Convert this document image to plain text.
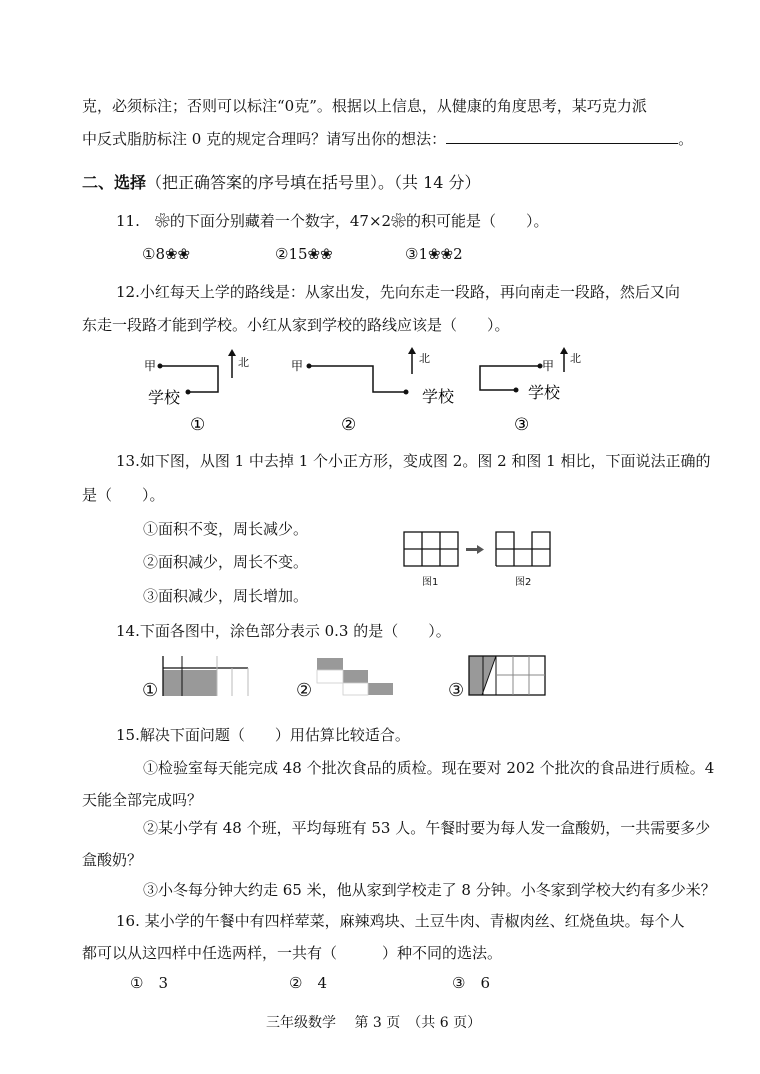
克，必须标注；否则可以标注“0克”。根据以上信息，从健康的角度思考，某巧克力派
中反式脂肪标注 0 克的规定合理吗？请写出你的想法：	。
二、选择（把正确答案的序号填在括号里）。（共 14 分）
11.　❀的下面分别藏着一个数字，47×2❀的积可能是（　　）。
①8❀❀	②15❀❀	③1❀❀2
12.小红每天上学的路线是：从家出发，先向东走一段路，再向南走一段路，然后又向
东走一段路才能到学校。小红从家到学校的路线应该是（　　）。
甲
学校
北
①
甲
学校
北
②
甲
学校
北
③
13.如下图，从图 1 中去掉 1 个小正方形，变成图 2。图 2 和图 1 相比，下面说法正确的
是（　　）。
①面积不变，周长减少。
②面积减少，周长不变。
③面积减少，周长增加。
图1	图2
14.下面各图中，涂色部分表示 0.3 的是（　　）。
①	②	③
15.解决下面问题（　　）用估算比较适合。
①检验室每天能完成 48 个批次食品的质检。现在要对 202 个批次的食品进行质检。4
天能全部完成吗？
②某小学有 48 个班，平均每班有 53 人。午餐时要为每人发一盒酸奶，一共需要多少
盒酸奶？
③小冬每分钟大约走 65 米，他从家到学校走了 8 分钟。小冬家到学校大约有多少米？
16. 某小学的午餐中有四样荤菜，麻辣鸡块、土豆牛肉、青椒肉丝、红烧鱼块。每个人
都可以从这四样中任选两样，一共有（　　　）种不同的选法。
①　3	②　4	③　6
三年级数学　 第 3 页　（共 6 页）
